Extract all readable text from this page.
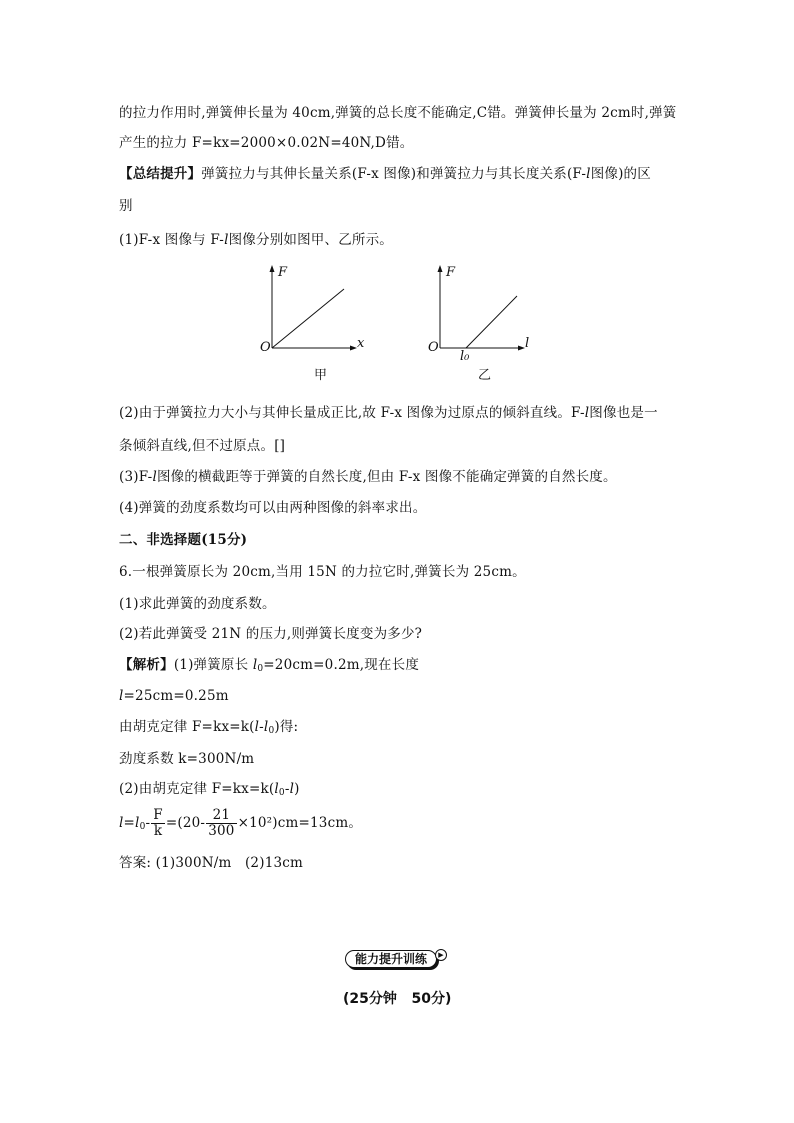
的拉力作用时,弹簧伸长量为 40cm,弹簧的总长度不能确定,C错。弹簧伸长量为 2cm时,弹簧
产生的拉力 F=kx=2000×0.02N=40N,D错。
【总结提升】弹簧拉力与其伸长量关系(F-x 图像)和弹簧拉力与其长度关系(F-l图像)的区
别
(1)F-x 图像与 F-l图像分别如图甲、乙所示。
F
x
O
甲
F
l
O
l₀
乙
(2)由于弹簧拉力大小与其伸长量成正比,故 F-x 图像为过原点的倾斜直线。F-l图像也是一
条倾斜直线,但不过原点。[]
(3)F-l图像的横截距等于弹簧的自然长度,但由 F-x 图像不能确定弹簧的自然长度。
(4)弹簧的劲度系数均可以由两种图像的斜率求出。
二、非选择题(15分)
6.一根弹簧原长为 20cm,当用 15N 的力拉它时,弹簧长为 25cm。
(1)求此弹簧的劲度系数。
(2)若此弹簧受 21N 的压力,则弹簧长度变为多少?
【解析】(1)弹簧原长 $l_0=20cm=0.2m$,现在长度
l=25cm=0.25m
由胡克定律 $F=kx=k(l-l_0)$得:
劲度系数 k=300N/m
(2)由胡克定律 $F=kx=k(l_0-l)$
$l=l_0- \frac{F}{k} =(20- \frac{21}{300} \times 10^2)cm=13cm$。
答案: (1)300N/m   (2)13cm
能力提升训练	▶
(25分钟   50分)
